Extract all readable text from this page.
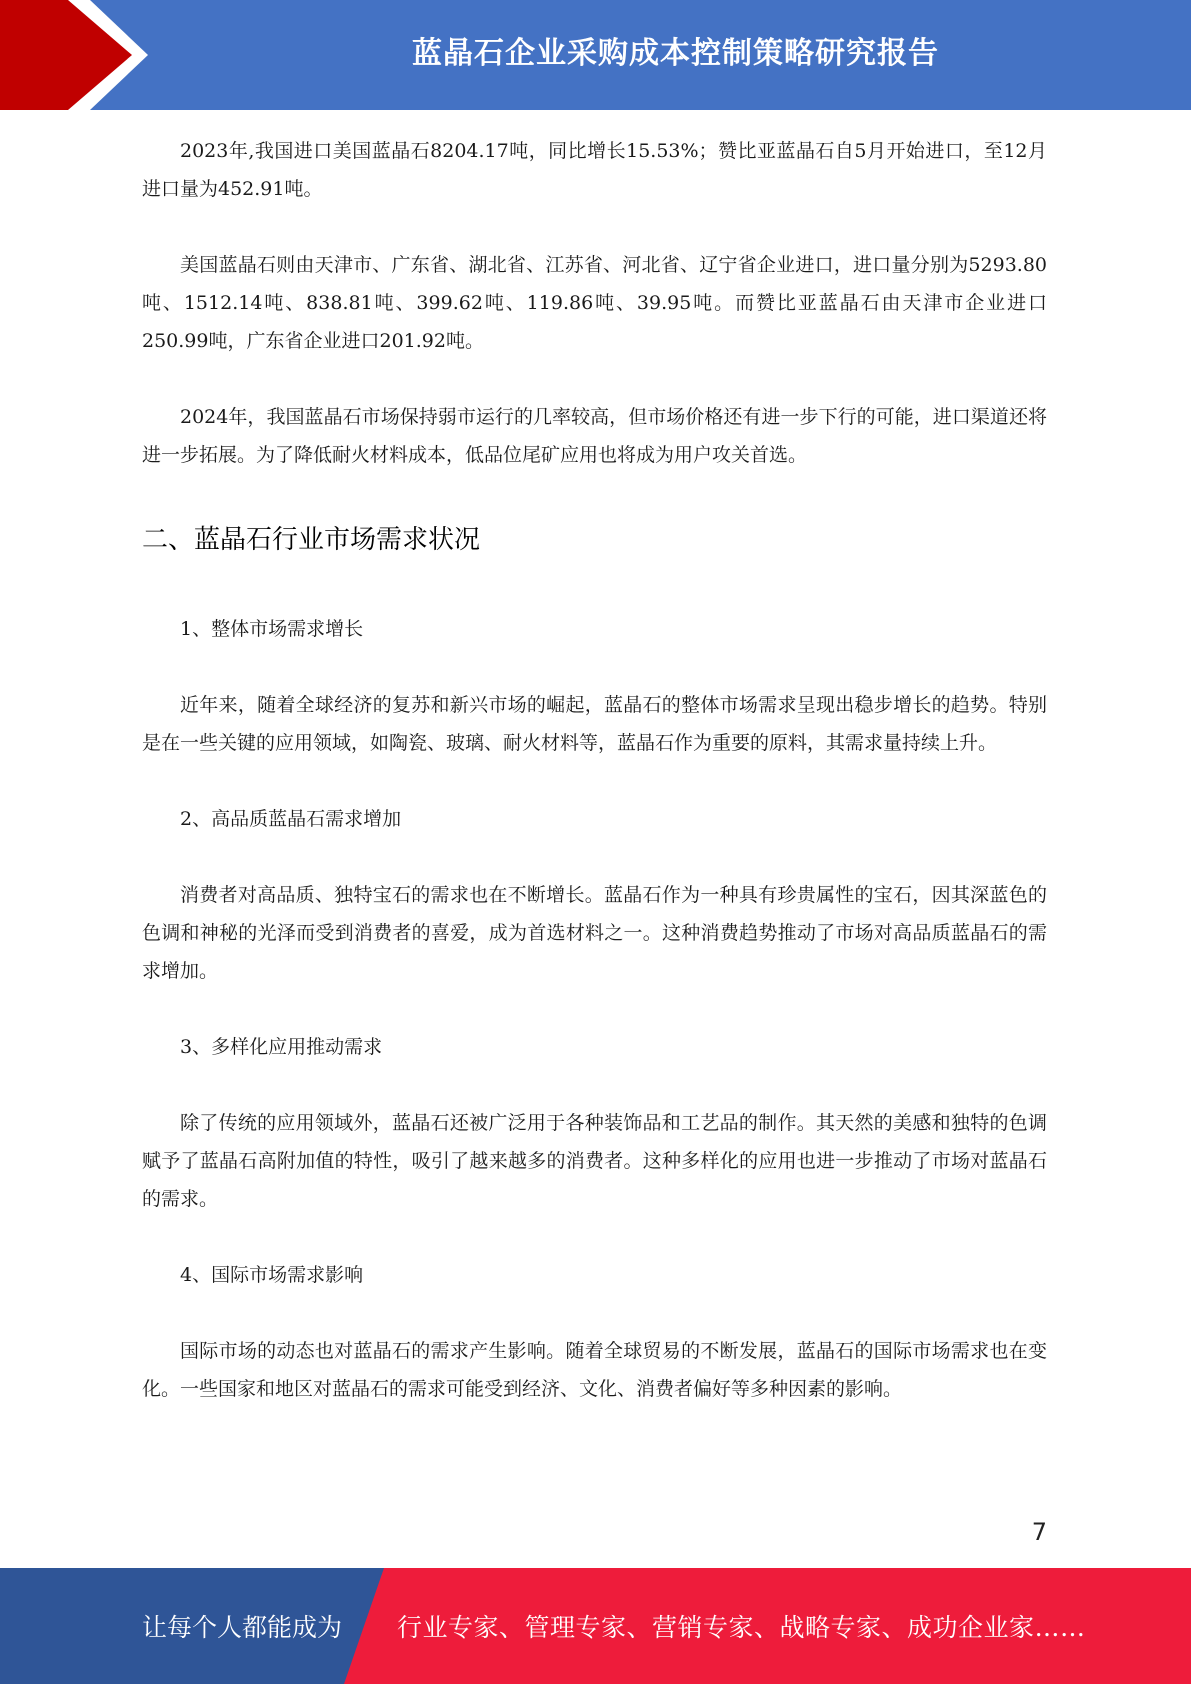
蓝晶石企业采购成本控制策略研究报告

2023年,我国进口美国蓝晶石8204.17吨，同比增长15.53%；赞比亚蓝晶石自5月开始进口，至12月进口量为452.91吨。

美国蓝晶石则由天津市、广东省、湖北省、江苏省、河北省、辽宁省企业进口，进口量分别为5293.80吨、1512.14吨、838.81吨、399.62吨、119.86吨、39.95吨。而赞比亚蓝晶石由天津市企业进口250.99吨，广东省企业进口201.92吨。

2024年，我国蓝晶石市场保持弱市运行的几率较高，但市场价格还有进一步下行的可能，进口渠道还将进一步拓展。为了降低耐火材料成本，低品位尾矿应用也将成为用户攻关首选。

二、蓝晶石行业市场需求状况

1、整体市场需求增长

近年来，随着全球经济的复苏和新兴市场的崛起，蓝晶石的整体市场需求呈现出稳步增长的趋势。特别是在一些关键的应用领域，如陶瓷、玻璃、耐火材料等，蓝晶石作为重要的原料，其需求量持续上升。

2、高品质蓝晶石需求增加

消费者对高品质、独特宝石的需求也在不断增长。蓝晶石作为一种具有珍贵属性的宝石，因其深蓝色的色调和神秘的光泽而受到消费者的喜爱，成为首选材料之一。这种消费趋势推动了市场对高品质蓝晶石的需求增加。

3、多样化应用推动需求

除了传统的应用领域外，蓝晶石还被广泛用于各种装饰品和工艺品的制作。其天然的美感和独特的色调赋予了蓝晶石高附加值的特性，吸引了越来越多的消费者。这种多样化的应用也进一步推动了市场对蓝晶石的需求。

4、国际市场需求影响

国际市场的动态也对蓝晶石的需求产生影响。随着全球贸易的不断发展，蓝晶石的国际市场需求也在变化。一些国家和地区对蓝晶石的需求可能受到经济、文化、消费者偏好等多种因素的影响。

7
让每个人都能成为 行业专家、管理专家、营销专家、战略专家、成功企业家……
